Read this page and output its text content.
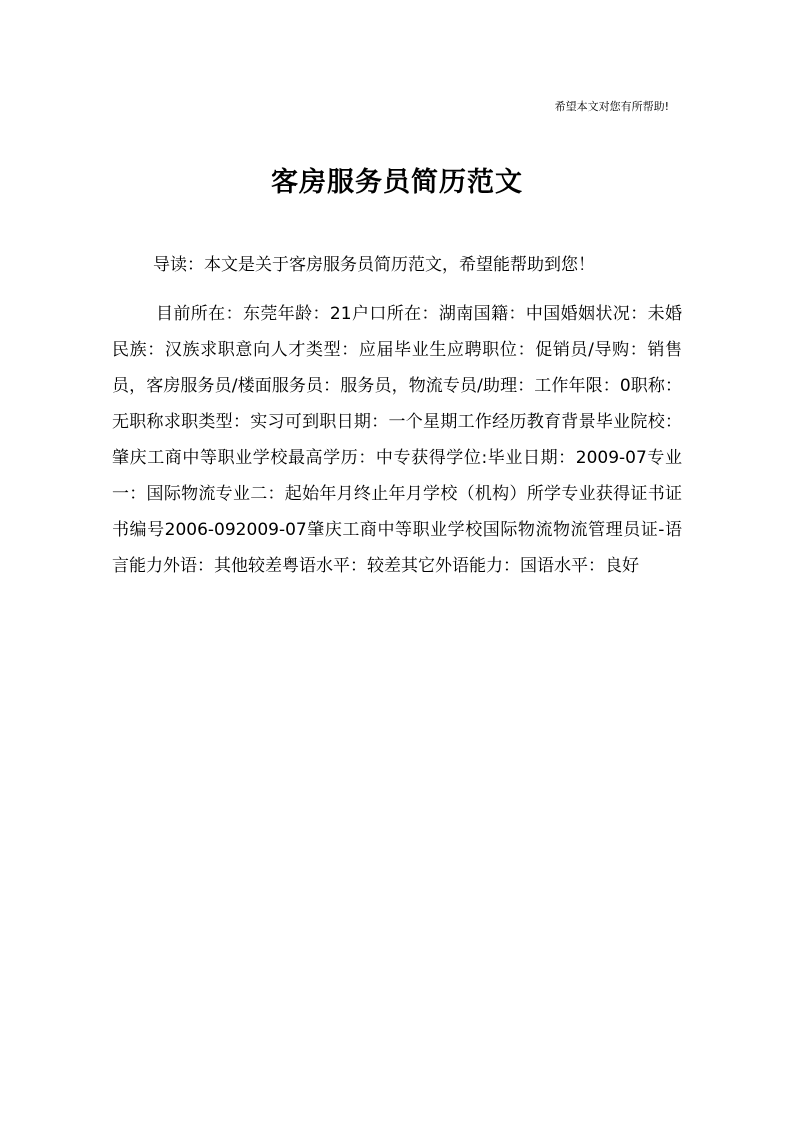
希望本文对您有所帮助!
客房服务员简历范文
导读：本文是关于客房服务员简历范文，希望能帮助到您！

目前所在：东莞年龄：21户口所在：湖南国籍：中国婚姻状况：未婚民族：汉族求职意向人才类型：应届毕业生应聘职位：促销员/导购：销售员，客房服务员/楼面服务员：服务员，物流专员/助理：工作年限：0职称：无职称求职类型：实习可到职日期：一个星期工作经历教育背景毕业院校：肇庆工商中等职业学校最高学历：中专获得学位:毕业日期：2009-07专业一：国际物流专业二：起始年月终止年月学校（机构）所学专业获得证书证书编号2006-092009-07肇庆工商中等职业学校国际物流物流管理员证-语言能力外语：其他较差粤语水平：较差其它外语能力：国语水平：良好
